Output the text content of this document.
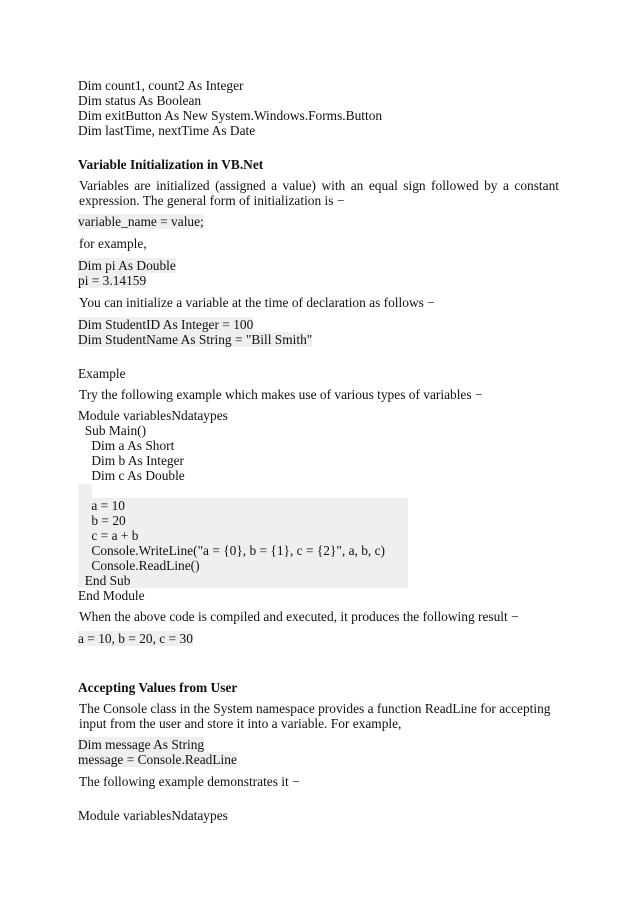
Dim count1, count2 As Integer
Dim status As Boolean
Dim exitButton As New System.Windows.Forms.Button
Dim lastTime, nextTime As Date
Variable Initialization in VB.Net
Variables are initialized (assigned a value) with an equal sign followed by a constant expression. The general form of initialization is −
variable_name = value;
for example,
Dim pi As Double
pi = 3.14159
You can initialize a variable at the time of declaration as follows −
Dim StudentID As Integer = 100
Dim StudentName As String = "Bill Smith"
Example
Try the following example which makes use of various types of variables −
Module variablesNdataypes
Sub Main()
Dim a As Short
Dim b As Integer
Dim c As Double
a = 10
b = 20
c = a + b
Console.WriteLine("a = {0}, b = {1}, c = {2}", a, b, c)
Console.ReadLine()
End Sub
End Module
When the above code is compiled and executed, it produces the following result −
a = 10, b = 20, c = 30
Accepting Values from User
The Console class in the System namespace provides a function ReadLine for accepting input from the user and store it into a variable. For example,
Dim message As String
message = Console.ReadLine
The following example demonstrates it −
Module variablesNdataypes
